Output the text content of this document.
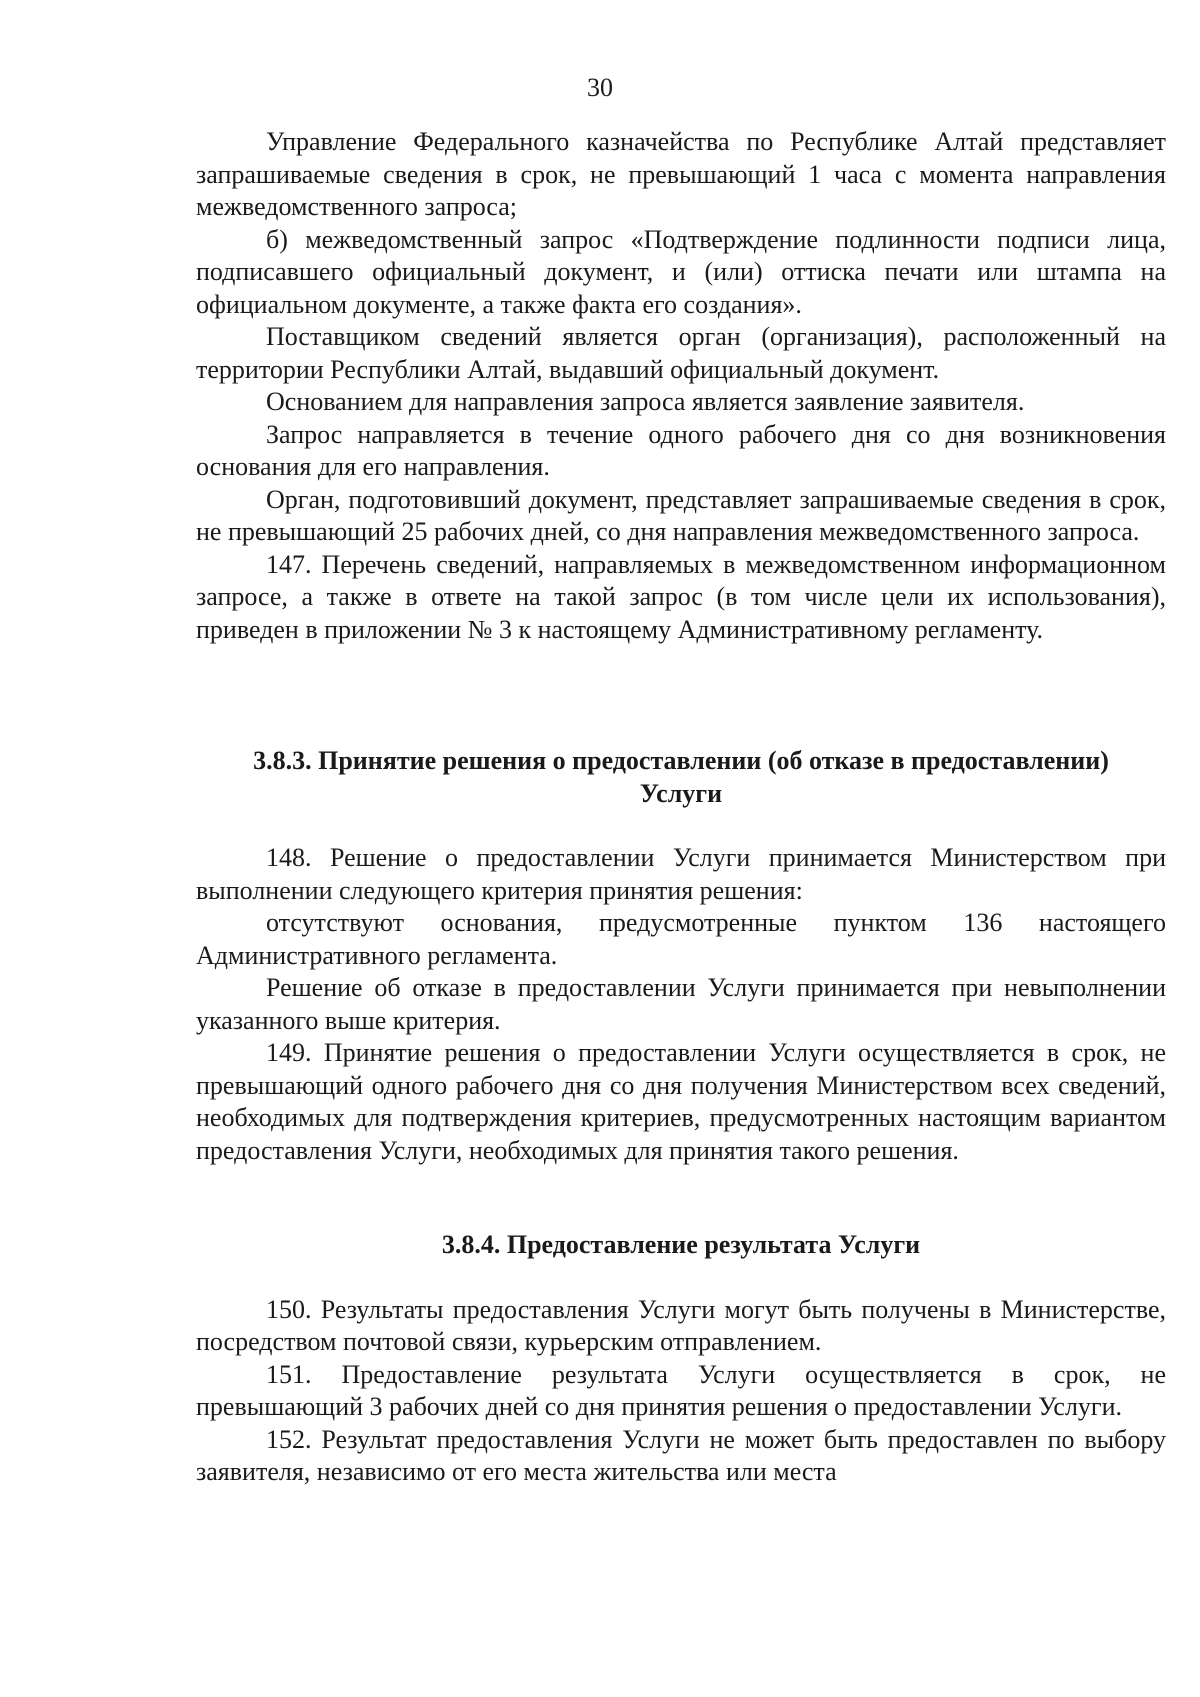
30

Управление Федерального казначейства по Республике Алтай представляет запрашиваемые сведения в срок, не превышающий 1 часа с момента направления межведомственного запроса;

б) межведомственный запрос «Подтверждение подлинности подписи лица, подписавшего официальный документ, и (или) оттиска печати или штампа на официальном документе, а также факта его создания».

Поставщиком сведений является орган (организация), расположенный на территории Республики Алтай, выдавший официальный документ.

Основанием для направления запроса является заявление заявителя.

Запрос направляется в течение одного рабочего дня со дня возникновения основания для его направления.

Орган, подготовивший документ, представляет запрашиваемые сведения в срок, не превышающий 25 рабочих дней, со дня направления межведомственного запроса.

147. Перечень сведений, направляемых в межведомственном информационном запросе, а также в ответе на такой запрос (в том числе цели их использования), приведен в приложении № 3 к настоящему Административному регламенту.

3.8.3. Принятие решения о предоставлении (об отказе в предоставлении)

Услуги

148. Решение о предоставлении Услуги принимается Министерством при выполнении следующего критерия принятия решения:

отсутствуют основания, предусмотренные пунктом 136 настоящего Административного регламента.

Решение об отказе в предоставлении Услуги принимается при невыполнении указанного выше критерия.

149. Принятие решения о предоставлении Услуги осуществляется в срок, не превышающий одного рабочего дня со дня получения Министерством всех сведений, необходимых для подтверждения критериев, предусмотренных настоящим вариантом предоставления Услуги, необходимых для принятия такого решения.

3.8.4. Предоставление результата Услуги

150. Результаты предоставления Услуги могут быть получены в Министерстве, посредством почтовой связи, курьерским отправлением.

151. Предоставление результата Услуги осуществляется в срок, не превышающий 3 рабочих дней со дня принятия решения о предоставлении Услуги.

152. Результат предоставления Услуги не может быть предоставлен по выбору заявителя, независимо от его места жительства или места
